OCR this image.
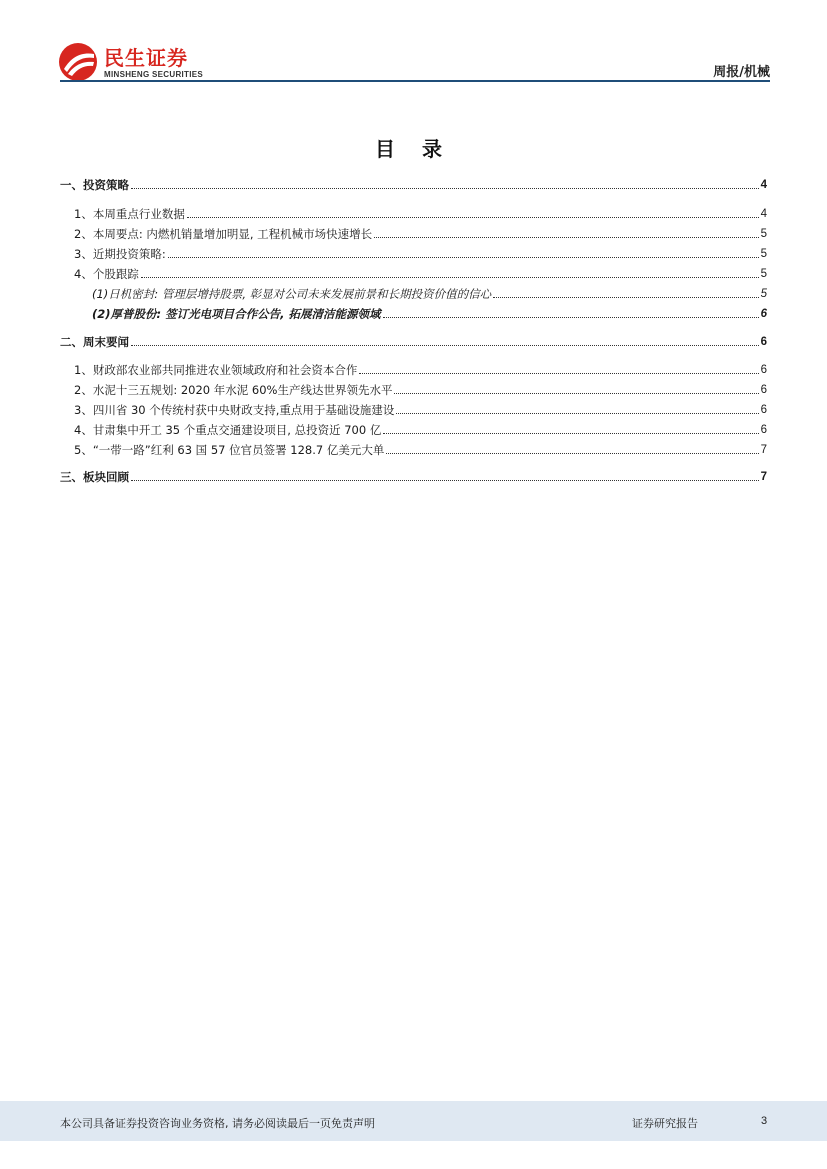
民生证券
MINSHENG SECURITIES	周报/机械
目 录
一、投资策略	4
1、本周重点行业数据	4
2、本周要点: 内燃机销量增加明显, 工程机械市场快速增长	5
3、近期投资策略:	5
4、个股跟踪	5
(1)日机密封: 管理层增持股票, 彰显对公司未来发展前景和长期投资价值的信心	5
(2)厚普股份: 签订光电项目合作公告, 拓展清洁能源领域	6
二、周末要闻	6
1、财政部农业部共同推进农业领域政府和社会资本合作	6
2、水泥十三五规划: 2020 年水泥 60%生产线达世界领先水平	6
3、四川省 30 个传统村获中央财政支持,重点用于基础设施建设	6
4、甘肃集中开工 35 个重点交通建设项目, 总投资近 700 亿	6
5、“一带一路”红利 63 国 57 位官员签署 128.7 亿美元大单	7
三、板块回顾	7
本公司具备证券投资咨询业务资格, 请务必阅读最后一页免责声明	证券研究报告	3
